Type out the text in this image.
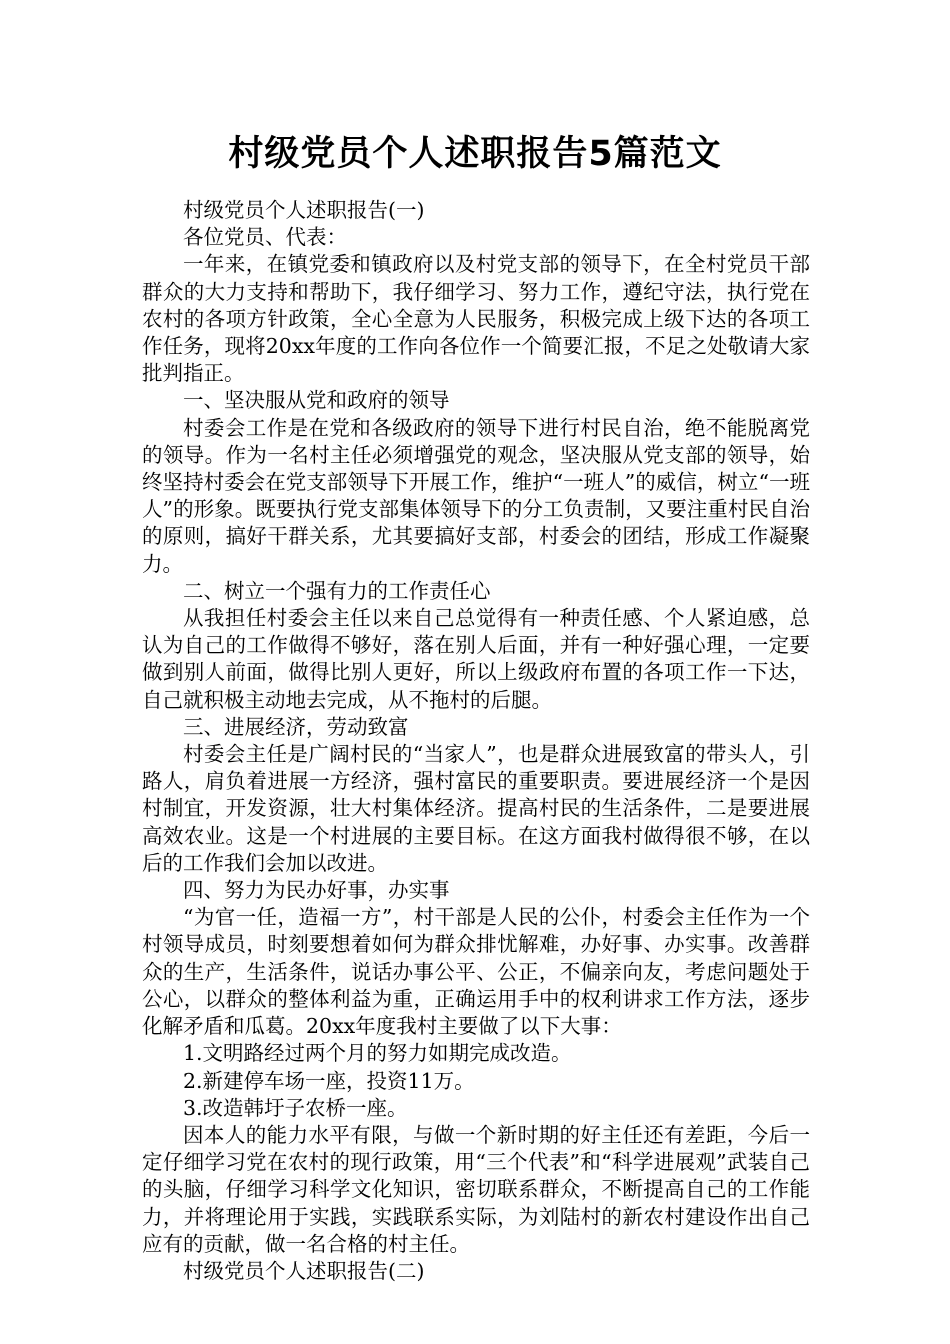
村级党员个人述职报告5篇范文

村级党员个人述职报告(一)

各位党员、代表：

一年来，在镇党委和镇政府以及村党支部的领导下，在全村党员干部群众的大力支持和帮助下，我仔细学习、努力工作，遵纪守法，执行党在农村的各项方针政策，全心全意为人民服务，积极完成上级下达的各项工作任务，现将20xx年度的工作向各位作一个简要汇报，不足之处敬请大家批判指正。

一、坚决服从党和政府的领导

村委会工作是在党和各级政府的领导下进行村民自治，绝不能脱离党的领导。作为一名村主任必须增强党的观念，坚决服从党支部的领导，始终坚持村委会在党支部领导下开展工作，维护“一班人”的威信，树立“一班人”的形象。既要执行党支部集体领导下的分工负责制，又要注重村民自治的原则，搞好干群关系，尤其要搞好支部，村委会的团结，形成工作凝聚力。

二、树立一个强有力的工作责任心

从我担任村委会主任以来自己总觉得有一种责任感、个人紧迫感，总认为自己的工作做得不够好，落在别人后面，并有一种好强心理，一定要做到别人前面，做得比别人更好，所以上级政府布置的各项工作一下达，自己就积极主动地去完成，从不拖村的后腿。

三、进展经济，劳动致富

村委会主任是广阔村民的“当家人”，也是群众进展致富的带头人，引路人，肩负着进展一方经济，强村富民的重要职责。要进展经济一个是因村制宜，开发资源，壮大村集体经济。提高村民的生活条件，二是要进展高效农业。这是一个村进展的主要目标。在这方面我村做得很不够，在以后的工作我们会加以改进。

四、努力为民办好事，办实事

“为官一任，造福一方”，村干部是人民的公仆，村委会主任作为一个村领导成员，时刻要想着如何为群众排忧解难，办好事、办实事。改善群众的生产，生活条件，说话办事公平、公正，不偏亲向友，考虑问题处于公心，以群众的整体利益为重，正确运用手中的权利讲求工作方法，逐步化解矛盾和瓜葛。20xx年度我村主要做了以下大事：

1.文明路经过两个月的努力如期完成改造。

2.新建停车场一座，投资11万。

3.改造韩圩子农桥一座。

因本人的能力水平有限，与做一个新时期的好主任还有差距，今后一定仔细学习党在农村的现行政策，用“三个代表”和“科学进展观”武装自己的头脑，仔细学习科学文化知识，密切联系群众，不断提高自己的工作能力，并将理论用于实践，实践联系实际，为刘陆村的新农村建设作出自己应有的贡献，做一名合格的村主任。

村级党员个人述职报告(二)
